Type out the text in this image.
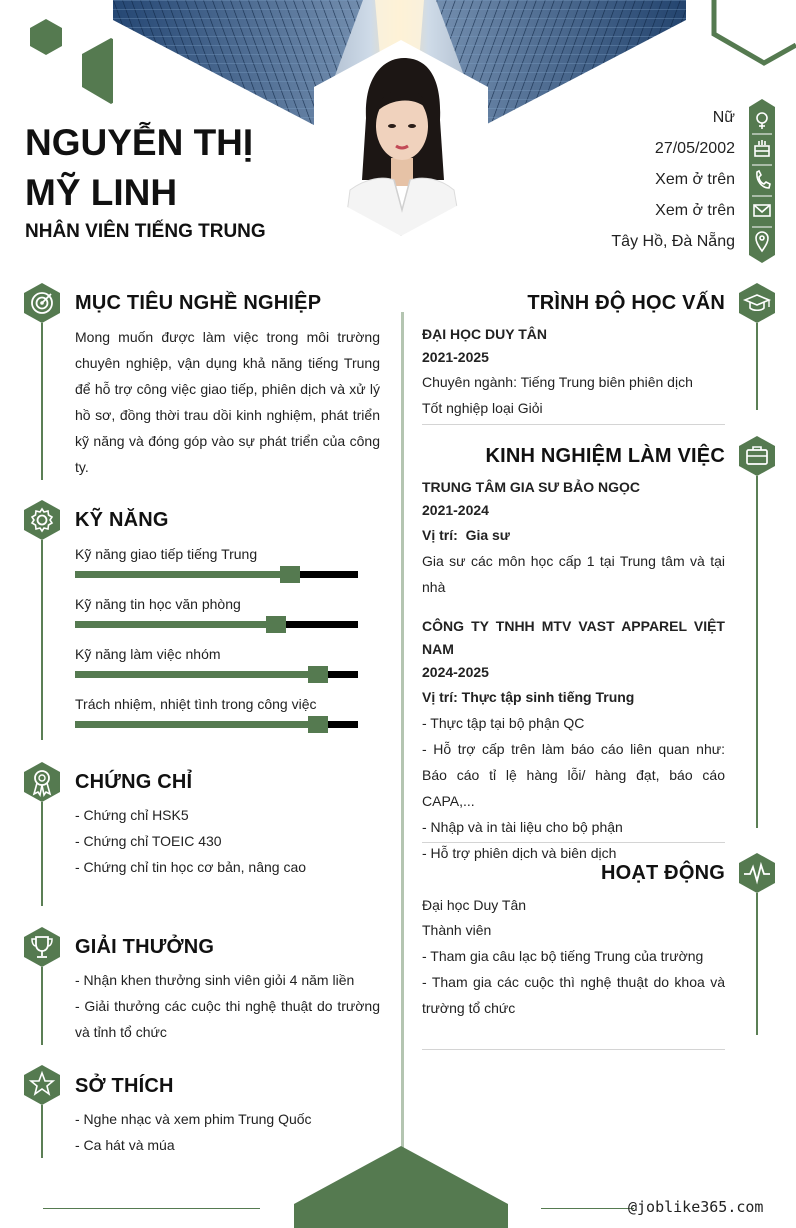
NGUYỄN THỊ
MỸ LINH
NHÂN VIÊN TIẾNG TRUNG
Nữ
27/05/2002
Xem ở trên
Xem ở trên
Tây Hồ, Đà Nẵng
MỤC TIÊU NGHỀ NGHIỆP
Mong muốn được làm việc trong môi trường chuyên nghiệp, vận dụng khả năng tiếng Trung để hỗ trợ công việc giao tiếp, phiên dịch và xử lý hồ sơ, đồng thời trau dồi kinh nghiệm, phát triển kỹ năng và đóng góp vào sự phát triển của công ty.
KỸ NĂNG
Kỹ năng giao tiếp tiếng Trung
Kỹ năng tin học văn phòng
Kỹ năng làm việc nhóm
Trách nhiệm, nhiệt tình trong công việc
CHỨNG CHỈ
- Chứng chỉ HSK5
- Chứng chỉ TOEIC 430
- Chứng chỉ tin học cơ bản, nâng cao
GIẢI THƯỞNG
- Nhận khen thưởng sinh viên giỏi 4 năm liền
- Giải thưởng các cuộc thi nghệ thuật do trường và tỉnh tổ chức
SỞ THÍCH
- Nghe nhạc và xem phim Trung Quốc
- Ca hát và múa
TRÌNH ĐỘ HỌC VẤN
ĐẠI HỌC DUY TÂN
2021-2025
Chuyên ngành: Tiếng Trung biên phiên dịch
Tốt nghiệp loại Giỏi
KINH NGHIỆM LÀM VIỆC
TRUNG TÂM GIA SƯ BẢO NGỌC
2021-2024
Vị trí: Gia sư
Gia sư các môn học cấp 1 tại Trung tâm và tại nhà
CÔNG TY TNHH MTV VAST APPAREL VIỆT NAM
2024-2025
Vị trí: Thực tập sinh tiếng Trung
- Thực tập tại bộ phận QC
- Hỗ trợ cấp trên làm báo cáo liên quan như: Báo cáo tỉ lệ hàng lỗi/ hàng đạt, báo cáo CAPA,...
- Nhập và in tài liệu cho bộ phận
- Hỗ trợ phiên dịch và biên dịch
HOẠT ĐỘNG
Đại học Duy Tân
Thành viên
- Tham gia câu lạc bộ tiếng Trung của trường
- Tham gia các cuộc thì nghệ thuật do khoa và trường tổ chức
@joblike365.com
